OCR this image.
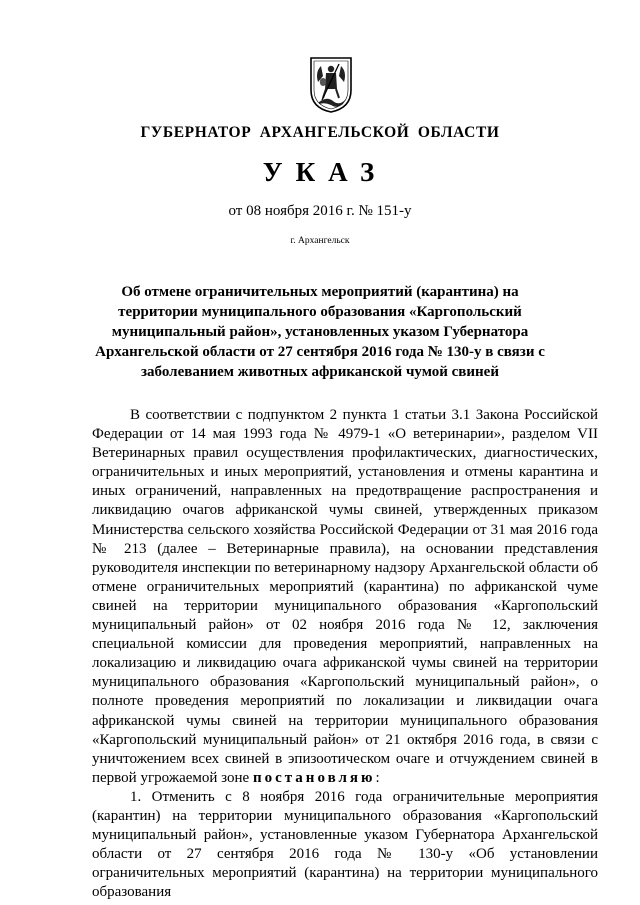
ГУБЕРНАТОР АРХАНГЕЛЬСКОЙ ОБЛАСТИ
УКАЗ
от 08 ноября 2016 г. № 151-у
г. Архангельск
Об отмене ограничительных мероприятий (карантина) на территории муниципального образования «Каргопольский муниципальный район», установленных указом Губернатора Архангельской области от 27 сентября 2016 года № 130-у в связи с заболеванием животных африканской чумой свиней

В соответствии с подпунктом 2 пункта 1 статьи 3.1 Закона Российской Федерации от 14 мая 1993 года № 4979-1 «О ветеринарии», разделом VII Ветеринарных правил осуществления профилактических, диагностических, ограничительных и иных мероприятий, установления и отмены карантина и иных ограничений, направленных на предотвращение распространения и ликвидацию очагов африканской чумы свиней, утвержденных приказом Министерства сельского хозяйства Российской Федерации от 31 мая 2016 года № 213 (далее – Ветеринарные правила), на основании представления руководителя инспекции по ветеринарному надзору Архангельской области об отмене ограничительных мероприятий (карантина) по африканской чуме свиней на территории муниципального образования «Каргопольский муниципальный район» от 02 ноября 2016 года № 12, заключения специальной комиссии для проведения мероприятий, направленных на локализацию и ликвидацию очага африканской чумы свиней на территории муниципального образования «Каргопольский муниципальный район», о полноте проведения мероприятий по локализации и ликвидации очага африканской чумы свиней на территории муниципального образования «Каргопольский муниципальный район» от 21 октября 2016 года, в связи с уничтожением всех свиней в эпизоотическом очаге и отчуждением свиней в первой угрожаемой зоне постановляю:

1. Отменить с 8 ноября 2016 года ограничительные мероприятия (карантин) на территории муниципального образования «Каргопольский муниципальный район», установленные указом Губернатора Архангельской области от 27 сентября 2016 года № 130-у «Об установлении ограничительных мероприятий (карантина) на территории муниципального образования
